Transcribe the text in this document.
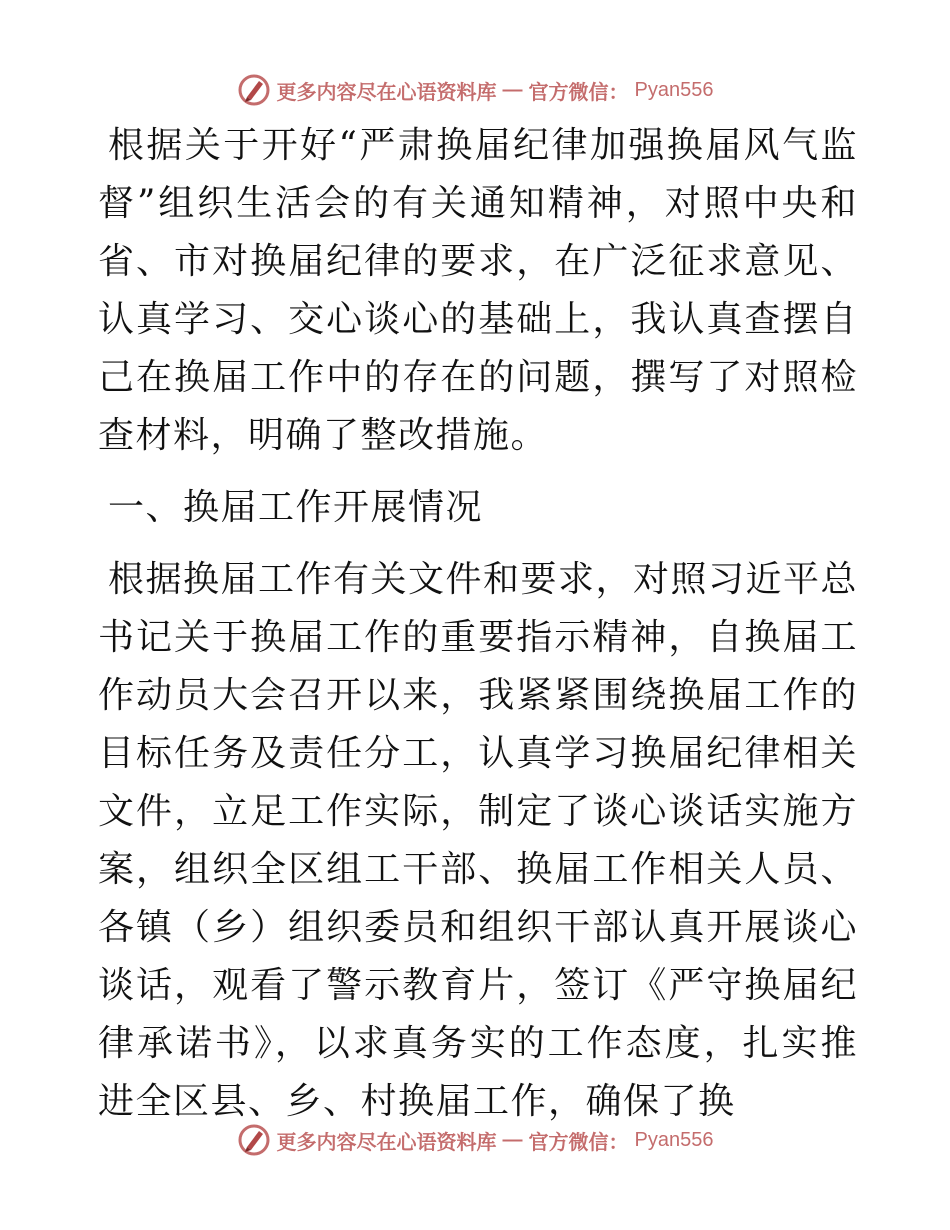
更多内容尽在心语资料库 — 官方微信： Pyan556

根据关于开好“严肃换届纪律加强换届风气监督”组织生活会的有关通知精神，对照中央和省、市对换届纪律的要求，在广泛征求意见、认真学习、交心谈心的基础上，我认真查摆自己在换届工作中的存在的问题，撰写了对照检查材料，明确了整改措施。

一、换届工作开展情况

根据换届工作有关文件和要求，对照习近平总书记关于换届工作的重要指示精神，自换届工作动员大会召开以来，我紧紧围绕换届工作的目标任务及责任分工，认真学习换届纪律相关文件，立足工作实际，制定了谈心谈话实施方案，组织全区组工干部、换届工作相关人员、各镇（乡）组织委员和组织干部认真开展谈心谈话，观看了警示教育片，签订《严守换届纪律承诺书》，以求真务实的工作态度，扎实推进全区县、乡、村换届工作，确保了换

更多内容尽在心语资料库 — 官方微信： Pyan556
